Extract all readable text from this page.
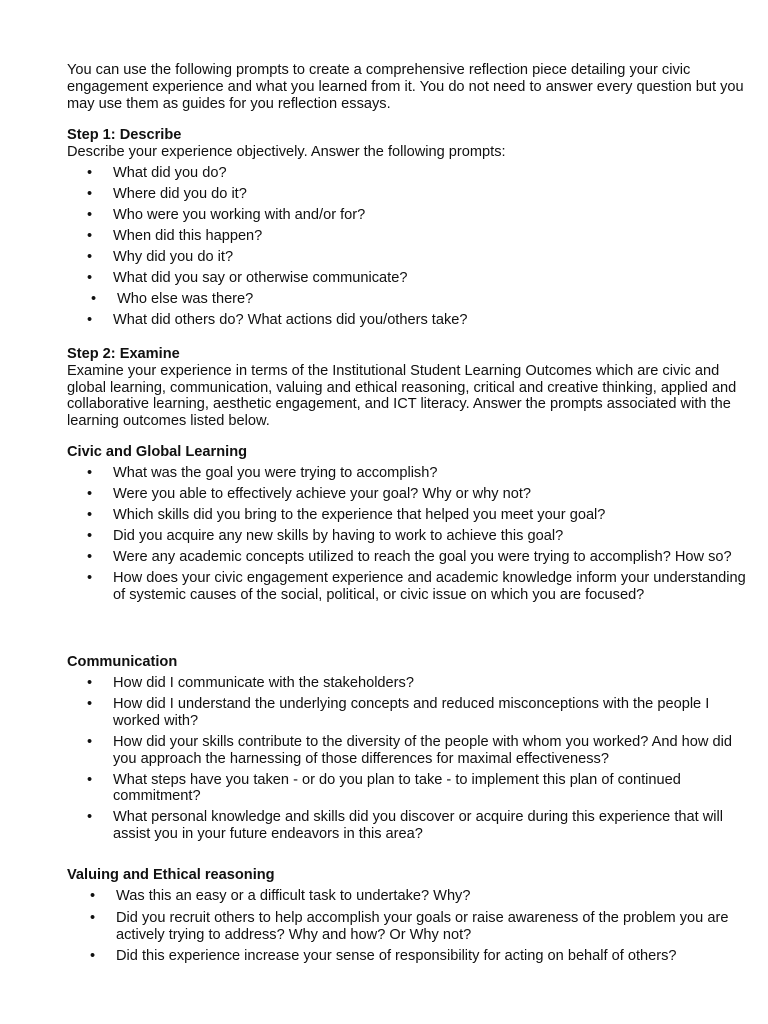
You can use the following prompts to create a comprehensive reflection piece detailing your civic engagement experience and what you learned from it. You do not need to answer every question but you may use them as guides for you reflection essays.
Step 1: Describe
Describe your experience objectively. Answer the following prompts:
• What did you do?
• Where did you do it?
• Who were you working with and/or for?
• When did this happen?
• Why did you do it?
• What did you say or otherwise communicate?
• Who else was there?
• What did others do? What actions did you/others take?
Step 2: Examine
Examine your experience in terms of the Institutional Student Learning Outcomes which are civic and global learning, communication, valuing and ethical reasoning, critical and creative thinking, applied and collaborative learning, aesthetic engagement, and ICT literacy. Answer the prompts associated with the learning outcomes listed below.
Civic and Global Learning
• What was the goal you were trying to accomplish?
• Were you able to effectively achieve your goal? Why or why not?
• Which skills did you bring to the experience that helped you meet your goal?
• Did you acquire any new skills by having to work to achieve this goal?
• Were any academic concepts utilized to reach the goal you were trying to accomplish? How so?
• How does your civic engagement experience and academic knowledge inform your understanding of systemic causes of the social, political, or civic issue on which you are focused?
Communication
• How did I communicate with the stakeholders?
• How did I understand the underlying concepts and reduced misconceptions with the people I worked with?
• How did your skills contribute to the diversity of the people with whom you worked? And how did you approach the harnessing of those differences for maximal effectiveness?
• What steps have you taken - or do you plan to take - to implement this plan of continued commitment?
• What personal knowledge and skills did you discover or acquire during this experience that will assist you in your future endeavors in this area?
Valuing and Ethical reasoning
• Was this an easy or a difficult task to undertake? Why?
• Did you recruit others to help accomplish your goals or raise awareness of the problem you are actively trying to address? Why and how? Or Why not?
• Did this experience increase your sense of responsibility for acting on behalf of others?
